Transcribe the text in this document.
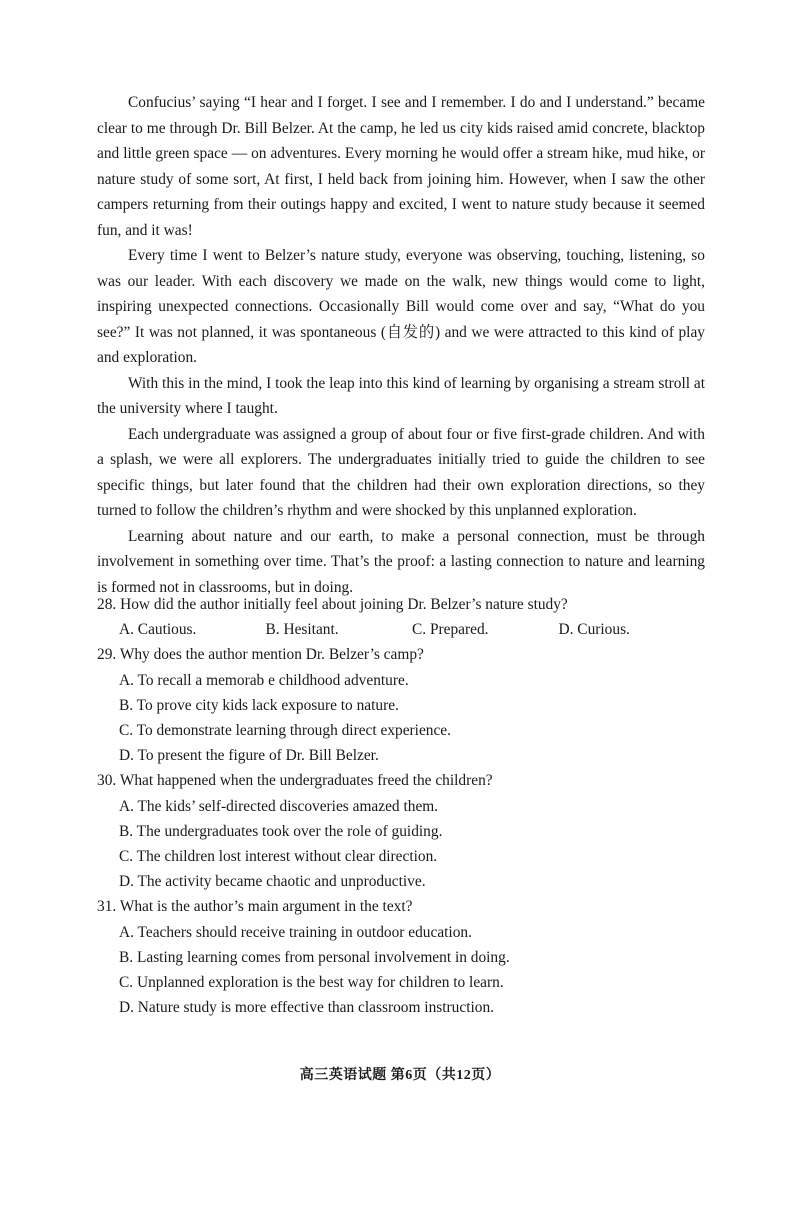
Confucius’ saying “I hear and I forget. I see and I remember. I do and I understand.” became clear to me through Dr. Bill Belzer. At the camp, he led us city kids raised amid concrete, blacktop and little green space — on adventures. Every morning he would offer a stream hike, mud hike, or nature study of some sort, At first, I held back from joining him. However, when I saw the other campers returning from their outings happy and excited, I went to nature study because it seemed fun, and it was!

Every time I went to Belzer’s nature study, everyone was observing, touching, listening, so was our leader. With each discovery we made on the walk, new things would come to light, inspiring unexpected connections. Occasionally Bill would come over and say, “What do you see?” It was not planned, it was spontaneous (自发的) and we were attracted to this kind of play and exploration.

With this in the mind, I took the leap into this kind of learning by organising a stream stroll at the university where I taught.

Each undergraduate was assigned a group of about four or five first-grade children. And with a splash, we were all explorers. The undergraduates initially tried to guide the children to see specific things, but later found that the children had their own exploration directions, so they turned to follow the children’s rhythm and were shocked by this unplanned exploration.

Learning about nature and our earth, to make a personal connection, must be through involvement in something over time. That’s the proof: a lasting connection to nature and learning is formed not in classrooms, but in doing.

28. How did the author initially feel about joining Dr. Belzer’s nature study?

A. Cautious.	B. Hesitant.	C. Prepared.	D. Curious.

29. Why does the author mention Dr. Belzer’s camp?

A. To recall a memorab e childhood adventure.

B. To prove city kids lack exposure to nature.

C. To demonstrate learning through direct experience.

D. To present the figure of Dr. Bill Belzer.

30. What happened when the undergraduates freed the children?

A. The kids’ self-directed discoveries amazed them.

B. The undergraduates took over the role of guiding.

C. The children lost interest without clear direction.

D. The activity became chaotic and unproductive.

31. What is the author’s main argument in the text?

A. Teachers should receive training in outdoor education.

B. Lasting learning comes from personal involvement in doing.

C. Unplanned exploration is the best way for children to learn.

D. Nature study is more effective than classroom instruction.

高三英语试题 第6页（共12页）
